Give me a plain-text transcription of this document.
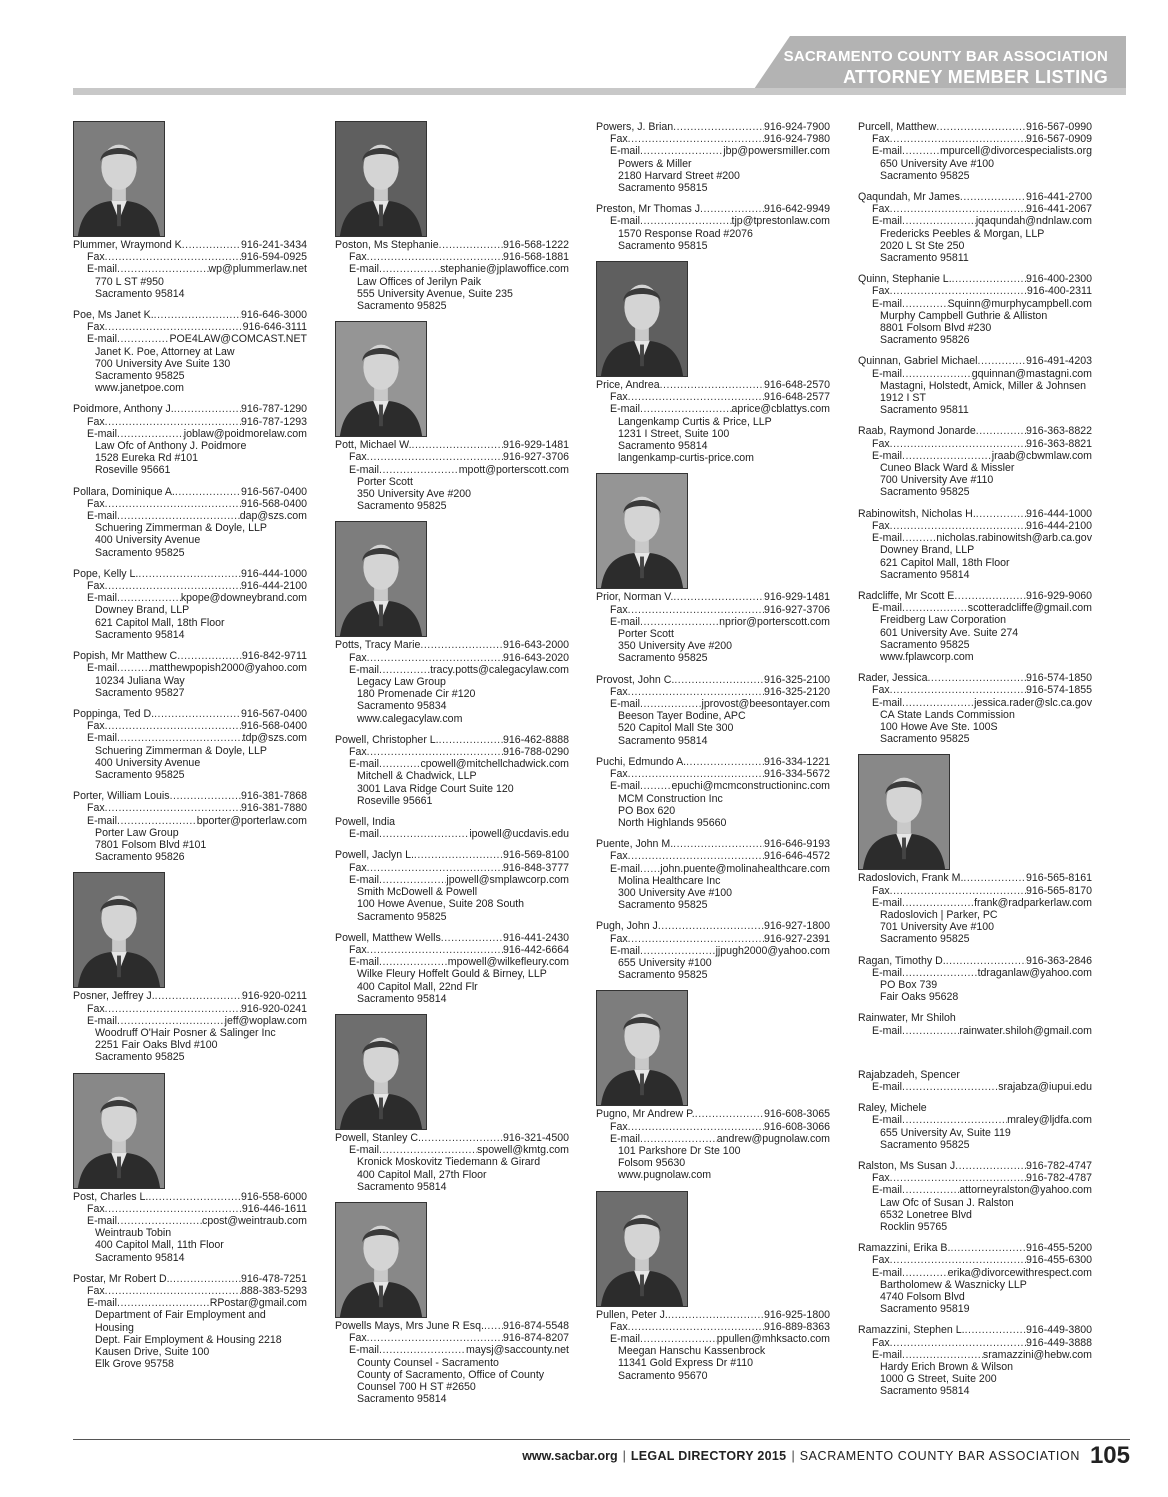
SACRAMENTO COUNTY BAR ASSOCIATION
ATTORNEY MEMBER LISTING
Plummer, Wraymond K .....	916-241-3434
Fax .....	916-594-0925
E-mail .....	wp@plummerlaw.net
770 L ST #950
Sacramento 95814
Poe, Ms Janet K. .....	916-646-3000
Fax .....	916-646-3111
E-mail .....	POE4LAW@COMCAST.NET
Janet K. Poe, Attorney at Law
700 University Ave Suite 130
Sacramento 95825
www.janetpoe.com
Poidmore, Anthony J. .....	916-787-1290
Fax .....	916-787-1293
E-mail .....	joblaw@poidmorelaw.com
Law Ofc of Anthony J. Poidmore
1528 Eureka Rd #101
Roseville 95661
Pollara, Dominique A. .....	916-567-0400
Fax .....	916-568-0400
E-mail .....	dap@szs.com
Schuering Zimmerman & Doyle, LLP
400 University Avenue
Sacramento 95825
Pope, Kelly L. .....	916-444-1000
Fax .....	916-444-2100
E-mail .....	kpope@downeybrand.com
Downey Brand, LLP
621 Capitol Mall, 18th Floor
Sacramento 95814
Popish, Mr Matthew C .....	916-842-9711
E-mail .....	matthewpopish2000@yahoo.com
10234 Juliana Way
Sacramento 95827
Poppinga, Ted D. .....	916-567-0400
Fax .....	916-568-0400
E-mail .....	tdp@szs.com
Schuering Zimmerman & Doyle, LLP
400 University Avenue
Sacramento 95825
Porter, William Louis .....	916-381-7868
Fax .....	916-381-7880
E-mail .....	bporter@porterlaw.com
Porter Law Group
7801 Folsom Blvd #101
Sacramento 95826
Posner, Jeffrey J. .....	916-920-0211
Fax .....	916-920-0241
E-mail .....	jeff@woplaw.com
Woodruff O'Hair Posner & Salinger Inc
2251 Fair Oaks Blvd #100
Sacramento 95825
Post, Charles L. .....	916-558-6000
Fax .....	916-446-1611
E-mail .....	cpost@weintraub.com
Weintraub Tobin
400 Capitol Mall, 11th Floor
Sacramento 95814
Postar, Mr Robert D. .....	916-478-7251
Fax .....	888-383-5293
E-mail .....	RPostar@gmail.com
Department of Fair Employment and
Housing
Dept. Fair Employment & Housing 2218
Kausen Drive, Suite 100
Elk Grove 95758
Poston, Ms Stephanie .....	916-568-1222
Fax .....	916-568-1881
E-mail .....	stephanie@jplawoffice.com
Law Offices of Jerilyn Paik
555 University Avenue, Suite 235
Sacramento 95825
Pott, Michael W. .....	916-929-1481
Fax .....	916-927-3706
E-mail .....	mpott@porterscott.com
Porter Scott
350 University Ave #200
Sacramento 95825
Potts, Tracy Marie .....	916-643-2000
Fax .....	916-643-2020
E-mail .....	tracy.potts@calegacylaw.com
Legacy Law Group
180 Promenade Cir #120
Sacramento 95834
www.calegacylaw.com
Powell, Christopher L. .....	916-462-8888
Fax .....	916-788-0290
E-mail .....	cpowell@mitchellchadwick.com
Mitchell & Chadwick, LLP
3001 Lava Ridge Court Suite 120
Roseville 95661
Powell, India
E-mail .....	ipowell@ucdavis.edu
Powell, Jaclyn L. .....	916-569-8100
Fax .....	916-848-3777
E-mail .....	jpowell@smplawcorp.com
Smith McDowell & Powell
100 Howe Avenue, Suite 208 South
Sacramento 95825
Powell, Matthew Wells .....	916-441-2430
Fax .....	916-442-6664
E-mail .....	mpowell@wilkefleury.com
Wilke Fleury Hoffelt Gould & Birney, LLP
400 Capitol Mall, 22nd Flr
Sacramento 95814
Powell, Stanley C. .....	916-321-4500
E-mail .....	spowell@kmtg.com
Kronick Moskovitz Tiedemann & Girard
400 Capitol Mall, 27th Floor
Sacramento 95814
Powells Mays, Mrs June R Esq. ..... 916-874-5548
Fax .....	916-874-8207
E-mail .....	maysj@saccounty.net
County Counsel - Sacramento
County of Sacramento, Office of County
Counsel 700 H ST #2650
Sacramento 95814
Powers, J. Brian .....	916-924-7900
Fax .....	916-924-7980
E-mail .....	jbp@powersmiller.com
Powers & Miller
2180 Harvard Street #200
Sacramento 95815
Preston, Mr Thomas J .....	916-642-9949
E-mail .....	tjp@tprestonlaw.com
1570 Response Road #2076
Sacramento 95815
Price, Andrea .....	916-648-2570
Fax .....	916-648-2577
E-mail .....	aprice@cblattys.com
Langenkamp Curtis & Price, LLP
1231 I Street, Suite 100
Sacramento 95814
langenkamp-curtis-price.com
Prior, Norman V. .....	916-929-1481
Fax .....	916-927-3706
E-mail .....	nprior@porterscott.com
Porter Scott
350 University Ave #200
Sacramento 95825
Provost, John C. .....	916-325-2100
Fax .....	916-325-2120
E-mail .....	jprovost@beesontayer.com
Beeson Tayer Bodine, APC
520 Capitol Mall Ste 300
Sacramento 95814
Puchi, Edmundo A. .....	916-334-1221
Fax .....	916-334-5672
E-mail .....	epuchi@mcmconstructioninc.com
MCM Construction Inc
PO Box 620
North Highlands 95660
Puente, John M. .....	916-646-9193
Fax .....	916-646-4572
E-mail ..... john.puente@molinahealthcare.com
Molina Healthcare Inc
300 University Ave #100
Sacramento 95825
Pugh, John J .....	916-927-1800
Fax .....	916-927-2391
E-mail .....	jjpugh2000@yahoo.com
655 University #100
Sacramento 95825
Pugno, Mr Andrew P. .....	916-608-3065
Fax .....	916-608-3066
E-mail .....	andrew@pugnolaw.com
101 Parkshore Dr Ste 100
Folsom 95630
www.pugnolaw.com
Pullen, Peter J. .....	916-925-1800
Fax .....	916-889-8363
E-mail .....	ppullen@mhksacto.com
Meegan Hanschu Kassenbrock
11341 Gold Express Dr #110
Sacramento 95670
Purcell, Matthew .....	916-567-0990
Fax .....	916-567-0909
E-mail .....	mpurcell@divorcespecialists.org
650 University Ave #100
Sacramento 95825
Qaqundah, Mr James .....	916-441-2700
Fax .....	916-441-2067
E-mail .....	jqaqundah@ndnlaw.com
Fredericks Peebles & Morgan, LLP
2020 L St Ste 250
Sacramento 95811
Quinn, Stephanie L. .....	916-400-2300
Fax .....	916-400-2311
E-mail .....	Squinn@murphycampbell.com
Murphy Campbell Guthrie & Alliston
8801 Folsom Blvd #230
Sacramento 95826
Quinnan, Gabriel Michael .....	916-491-4203
E-mail .....	gquinnan@mastagni.com
Mastagni, Holstedt, Amick, Miller & Johnsen
1912 I ST
Sacramento 95811
Raab, Raymond Jonarde .....	916-363-8822
Fax .....	916-363-8821
E-mail .....	jraab@cbwmlaw.com
Cuneo Black Ward & Missler
700 University Ave #110
Sacramento 95825
Rabinowitsh, Nicholas H. .....	916-444-1000
Fax .....	916-444-2100
E-mail .....	nicholas.rabinowitsh@arb.ca.gov
Downey Brand, LLP
621 Capitol Mall, 18th Floor
Sacramento 95814
Radcliffe, Mr Scott E .....	916-929-9060
E-mail .....	scotteradcliffe@gmail.com
Freidberg Law Corporation
601 University Ave. Suite 274
Sacramento 95825
www.fplawcorp.com
Rader, Jessica .....	916-574-1850
Fax .....	916-574-1855
E-mail .....	jessica.rader@slc.ca.gov
CA State Lands Commission
100 Howe Ave Ste. 100S
Sacramento 95825
Radoslovich, Frank M. .....	916-565-8161
Fax .....	916-565-8170
E-mail .....	frank@radparkerlaw.com
Radoslovich | Parker, PC
701 University Ave #100
Sacramento 95825
Ragan, Timothy D. .....	916-363-2846
E-mail .....	tdraganlaw@yahoo.com
PO Box 739
Fair Oaks 95628
Rainwater, Mr Shiloh
E-mail .....	rainwater.shiloh@gmail.com
Rajabzadeh, Spencer
E-mail .....	srajabza@iupui.edu
Raley, Michele
E-mail .....	mraley@ljdfa.com
655 University Av, Suite 119
Sacramento 95825
Ralston, Ms Susan J .....	916-782-4747
Fax .....	916-782-4787
E-mail .....	attorneyralston@yahoo.com
Law Ofc of Susan J. Ralston
6532 Lonetree Blvd
Rocklin 95765
Ramazzini, Erika B. .....	916-455-5200
Fax .....	916-455-6300
E-mail .....	erika@divorcewithrespect.com
Bartholomew & Wasznicky LLP
4740 Folsom Blvd
Sacramento 95819
Ramazzini, Stephen L. .....	916-449-3800
Fax .....	916-449-3888
E-mail .....	sramazzini@hebw.com
Hardy Erich Brown & Wilson
1000 G Street, Suite 200
Sacramento 95814
www.sacbar.org | LEGAL DIRECTORY 2015 | SACRAMENTO COUNTY BAR ASSOCIATION 105
